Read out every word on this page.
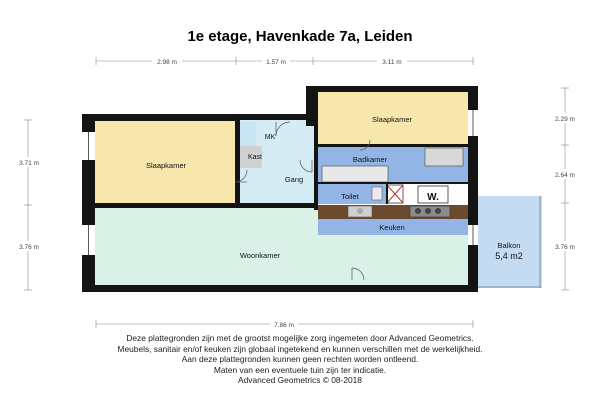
1e etage, Havenkade 7a, Leiden
Slaapkamer
Slaapkamer
Woonkamer
Badkamer
Gang
MK
Kast
Toilet
Keuken
W.
Balkon
5,4 m2
2.98 m	1.57 m	3.11 m
3.71 m
3.76 m
2.29 m
2.64 m
3.76 m
7.86 m
Deze plattegronden zijn met de grootst mogelijke zorg ingemeten door Advanced Geometrics.
Meubels, sanitair en/of keuken zijn globaal ingetekend en kunnen verschillen met de werkelijkheid.
Aan deze plattegronden kunnen geen rechten worden ontleend.
Maten van een eventuele tuin zijn ter indicatie.
Advanced Geometrics © 08-2018
